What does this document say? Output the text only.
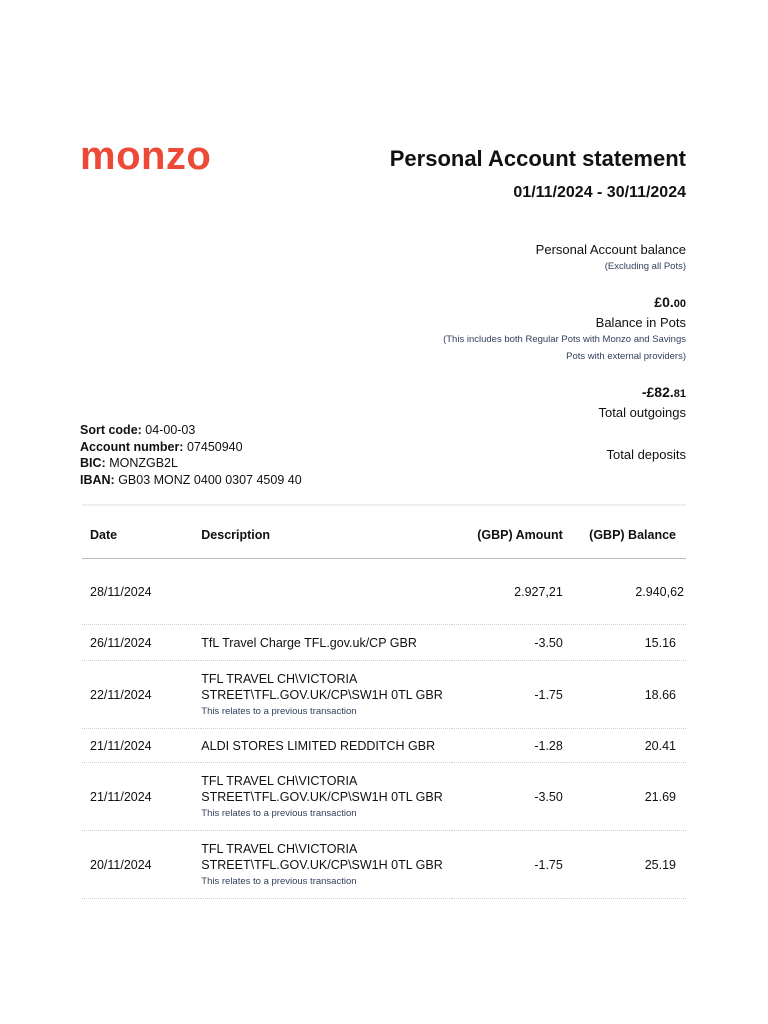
monzo	Personal Account statement
01/11/2024 - 30/11/2024
Personal Account balance
(Excluding all Pots)
£0.00
Balance in Pots
(This includes both Regular Pots with Monzo and Savings
Pots with external providers)
-£82.81
Total outgoings
Total deposits
Sort code: 04-00-03
Account number: 07450940
BIC: MONZGB2L
IBAN: GB03 MONZ 0400 0307 4509 40
Date	Description	(GBP) Amount	(GBP) Balance
28/11/2024		2.927,21	2.940,62
26/11/2024	TfL Travel Charge TFL.gov.uk/CP GBR	-3.50	15.16
22/11/2024	TFL TRAVEL CH\VICTORIA
STREET\TFL.GOV.UK/CP\SW1H 0TL GBR
This relates to a previous transaction	-1.75	18.66
21/11/2024	ALDI STORES LIMITED REDDITCH GBR	-1.28	20.41
21/11/2024	TFL TRAVEL CH\VICTORIA
STREET\TFL.GOV.UK/CP\SW1H 0TL GBR
This relates to a previous transaction	-3.50	21.69
20/11/2024	TFL TRAVEL CH\VICTORIA
STREET\TFL.GOV.UK/CP\SW1H 0TL GBR
This relates to a previous transaction	-1.75	25.19
